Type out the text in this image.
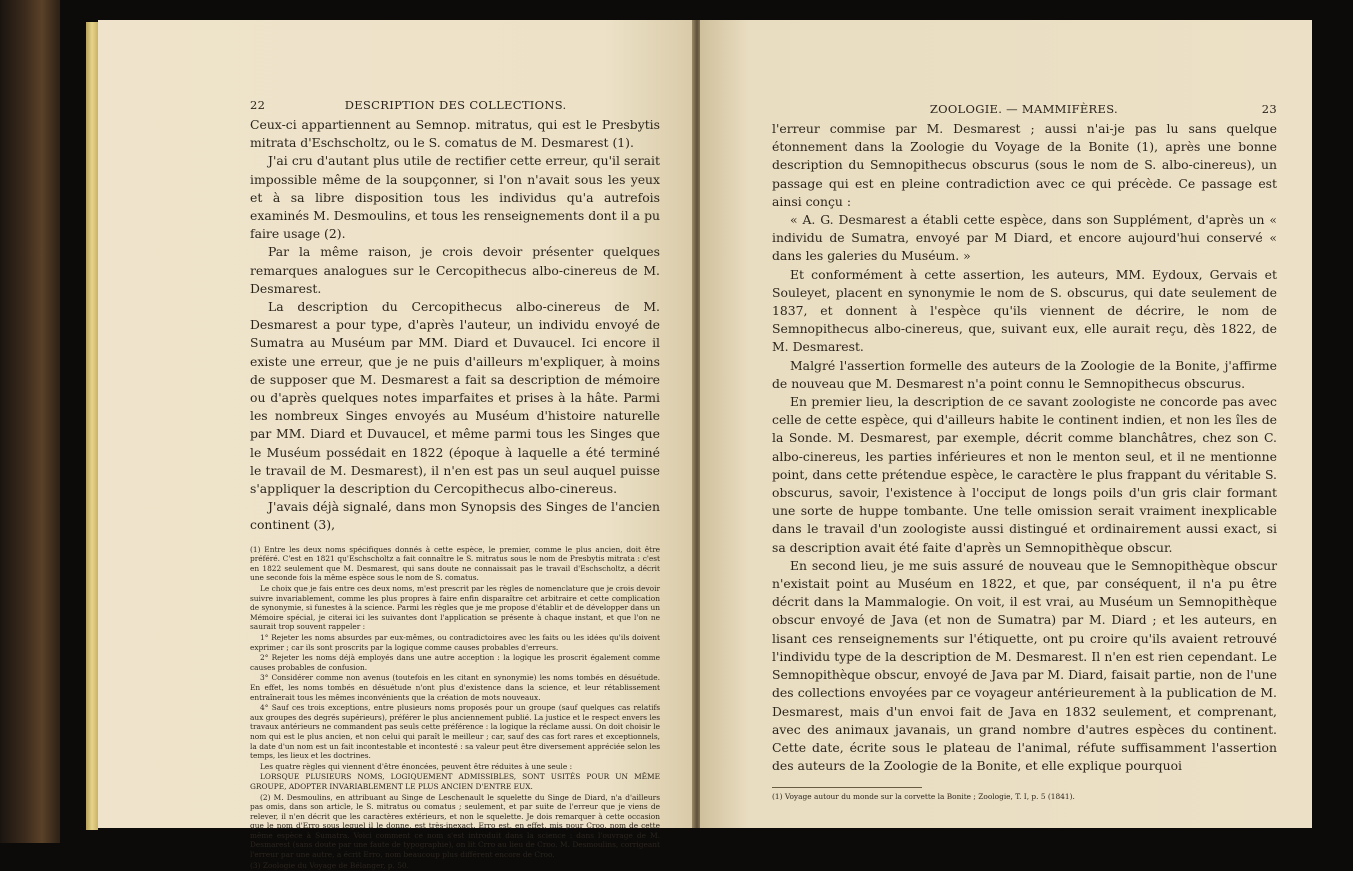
22	DESCRIPTION DES COLLECTIONS.

Ceux-ci appartiennent au Semnop. mitratus, qui est le Presbytis mitrata d'Eschscholtz, ou le S. comatus de M. Desmarest (1).

J'ai cru d'autant plus utile de rectifier cette erreur, qu'il serait impossible même de la soupçonner, si l'on n'avait sous les yeux et à sa libre disposition tous les individus qu'a autrefois examinés M. Desmoulins, et tous les renseignements dont il a pu faire usage (2).

Par la même raison, je crois devoir présenter quelques remarques analogues sur le Cercopithecus albo-cinereus de M. Desmarest.

La description du Cercopithecus albo-cinereus de M. Desmarest a pour type, d'après l'auteur, un individu envoyé de Sumatra au Muséum par MM. Diard et Duvaucel. Ici encore il existe une erreur, que je ne puis d'ailleurs m'expliquer, à moins de supposer que M. Desmarest a fait sa description de mémoire ou d'après quelques notes imparfaites et prises à la hâte. Parmi les nombreux Singes envoyés au Muséum d'histoire naturelle par MM. Diard et Duvaucel, et même parmi tous les Singes que le Muséum possédait en 1822 (époque à laquelle a été terminé le travail de M. Desmarest), il n'en est pas un seul auquel puisse s'appliquer la description du Cercopithecus albo-cinereus.

J'avais déjà signalé, dans mon Synopsis des Singes de l'ancien continent (3),

(1) Entre les deux noms spécifiques donnés à cette espèce, le premier, comme le plus ancien, doit être préféré. C'est en 1821 qu'Eschscholtz a fait connaître le S. mitratus sous le nom de Presbytis mitrata : c'est en 1822 seulement que M. Desmarest, qui sans doute ne connaissait pas le travail d'Eschscholtz, a décrit une seconde fois la même espèce sous le nom de S. comatus.

Le choix que je fais entre ces deux noms, m'est prescrit par les règles de nomenclature que je crois devoir suivre invariablement, comme les plus propres à faire enfin disparaître cet arbitraire et cette complication de synonymie, si funestes à la science. Parmi les règles que je me propose d'établir et de développer dans un Mémoire spécial, je citerai ici les suivantes dont l'application se présente à chaque instant, et que l'on ne saurait trop souvent rappeler :

1° Rejeter les noms absurdes par eux-mêmes, ou contradictoires avec les faits ou les idées qu'ils doivent exprimer ; car ils sont proscrits par la logique comme causes probables d'erreurs.

2° Rejeter les noms déjà employés dans une autre acception : la logique les proscrit également comme causes probables de confusion.

3° Considérer comme non avenus (toutefois en les citant en synonymie) les noms tombés en désuétude. En effet, les noms tombés en désuétude n'ont plus d'existence dans la science, et leur rétablissement entraînerait tous les mêmes inconvénients que la création de mots nouveaux.

4° Sauf ces trois exceptions, entre plusieurs noms proposés pour un groupe (sauf quelques cas relatifs aux groupes des degrés supérieurs), préférer le plus anciennement publié. La justice et le respect envers les travaux antérieurs ne commandent pas seuls cette préférence : la logique la réclame aussi. On doit choisir le nom qui est le plus ancien, et non celui qui paraît le meilleur ; car, sauf des cas fort rares et exceptionnels, la date d'un nom est un fait incontestable et incontesté : sa valeur peut être diversement appréciée selon les temps, les lieux et les doctrines.

Les quatre règles qui viennent d'être énoncées, peuvent être réduites à une seule :

LORSQUE PLUSIEURS NOMS, LOGIQUEMENT ADMISSIBLES, SONT USITÉS POUR UN MÊME GROUPE, ADOPTER INVARIABLEMENT LE PLUS ANCIEN D'ENTRE EUX.

(2) M. Desmoulins, en attribuant au Singe de Leschenault le squelette du Singe de Diard, n'a d'ailleurs pas omis, dans son article, le S. mitratus ou comatus ; seulement, et par suite de l'erreur que je viens de relever, il n'en décrit que les caractères extérieurs, et non le squelette. Je dois remarquer à cette occasion que le nom d'Erro sous lequel il le donne, est très-inexact. Erro est, en effet, mis pour Croo, nom de cette même espèce à Sumatra. Voici comment ce nom s'est introduit dans la science : dans l'ouvrage de M. Desmarest (sans doute par une faute de typographie), on lit Crro au lieu de Croo. M. Desmoulins, corrigeant l'erreur par une autre, a écrit Erro, nom beaucoup plus différent encore de Croo.

(3) Zoologie du Voyage de Bélanger, p. 50.

ZOOLOGIE. — MAMMIFÈRES.	23

l'erreur commise par M. Desmarest ; aussi n'ai-je pas lu sans quelque étonnement dans la Zoologie du Voyage de la Bonite (1), après une bonne description du Semnopithecus obscurus (sous le nom de S. albo-cinereus), un passage qui est en pleine contradiction avec ce qui précède. Ce passage est ainsi conçu :

« A. G. Desmarest a établi cette espèce, dans son Supplément, d'après un « individu de Sumatra, envoyé par M Diard, et encore aujourd'hui conservé « dans les galeries du Muséum. »

Et conformément à cette assertion, les auteurs, MM. Eydoux, Gervais et Souleyet, placent en synonymie le nom de S. obscurus, qui date seulement de 1837, et donnent à l'espèce qu'ils viennent de décrire, le nom de Semnopithecus albo-cinereus, que, suivant eux, elle aurait reçu, dès 1822, de M. Desmarest.

Malgré l'assertion formelle des auteurs de la Zoologie de la Bonite, j'affirme de nouveau que M. Desmarest n'a point connu le Semnopithecus obscurus.

En premier lieu, la description de ce savant zoologiste ne concorde pas avec celle de cette espèce, qui d'ailleurs habite le continent indien, et non les îles de la Sonde. M. Desmarest, par exemple, décrit comme blanchâtres, chez son C. albo-cinereus, les parties inférieures et non le menton seul, et il ne mentionne point, dans cette prétendue espèce, le caractère le plus frappant du véritable S. obscurus, savoir, l'existence à l'occiput de longs poils d'un gris clair formant une sorte de huppe tombante. Une telle omission serait vraiment inexplicable dans le travail d'un zoologiste aussi distingué et ordinairement aussi exact, si sa description avait été faite d'après un Semnopithèque obscur.

En second lieu, je me suis assuré de nouveau que le Semnopithèque obscur n'existait point au Muséum en 1822, et que, par conséquent, il n'a pu être décrit dans la Mammalogie. On voit, il est vrai, au Muséum un Semnopithèque obscur envoyé de Java (et non de Sumatra) par M. Diard ; et les auteurs, en lisant ces renseignements sur l'étiquette, ont pu croire qu'ils avaient retrouvé l'individu type de la description de M. Desmarest. Il n'en est rien cependant. Le Semnopithèque obscur, envoyé de Java par M. Diard, faisait partie, non de l'une des collections envoyées par ce voyageur antérieurement à la publication de M. Desmarest, mais d'un envoi fait de Java en 1832 seulement, et comprenant, avec des animaux javanais, un grand nombre d'autres espèces du continent. Cette date, écrite sous le plateau de l'animal, réfute suffisamment l'assertion des auteurs de la Zoologie de la Bonite, et elle explique pourquoi

(1) Voyage autour du monde sur la corvette la Bonite ; Zoologie, T. I, p. 5 (1841).
